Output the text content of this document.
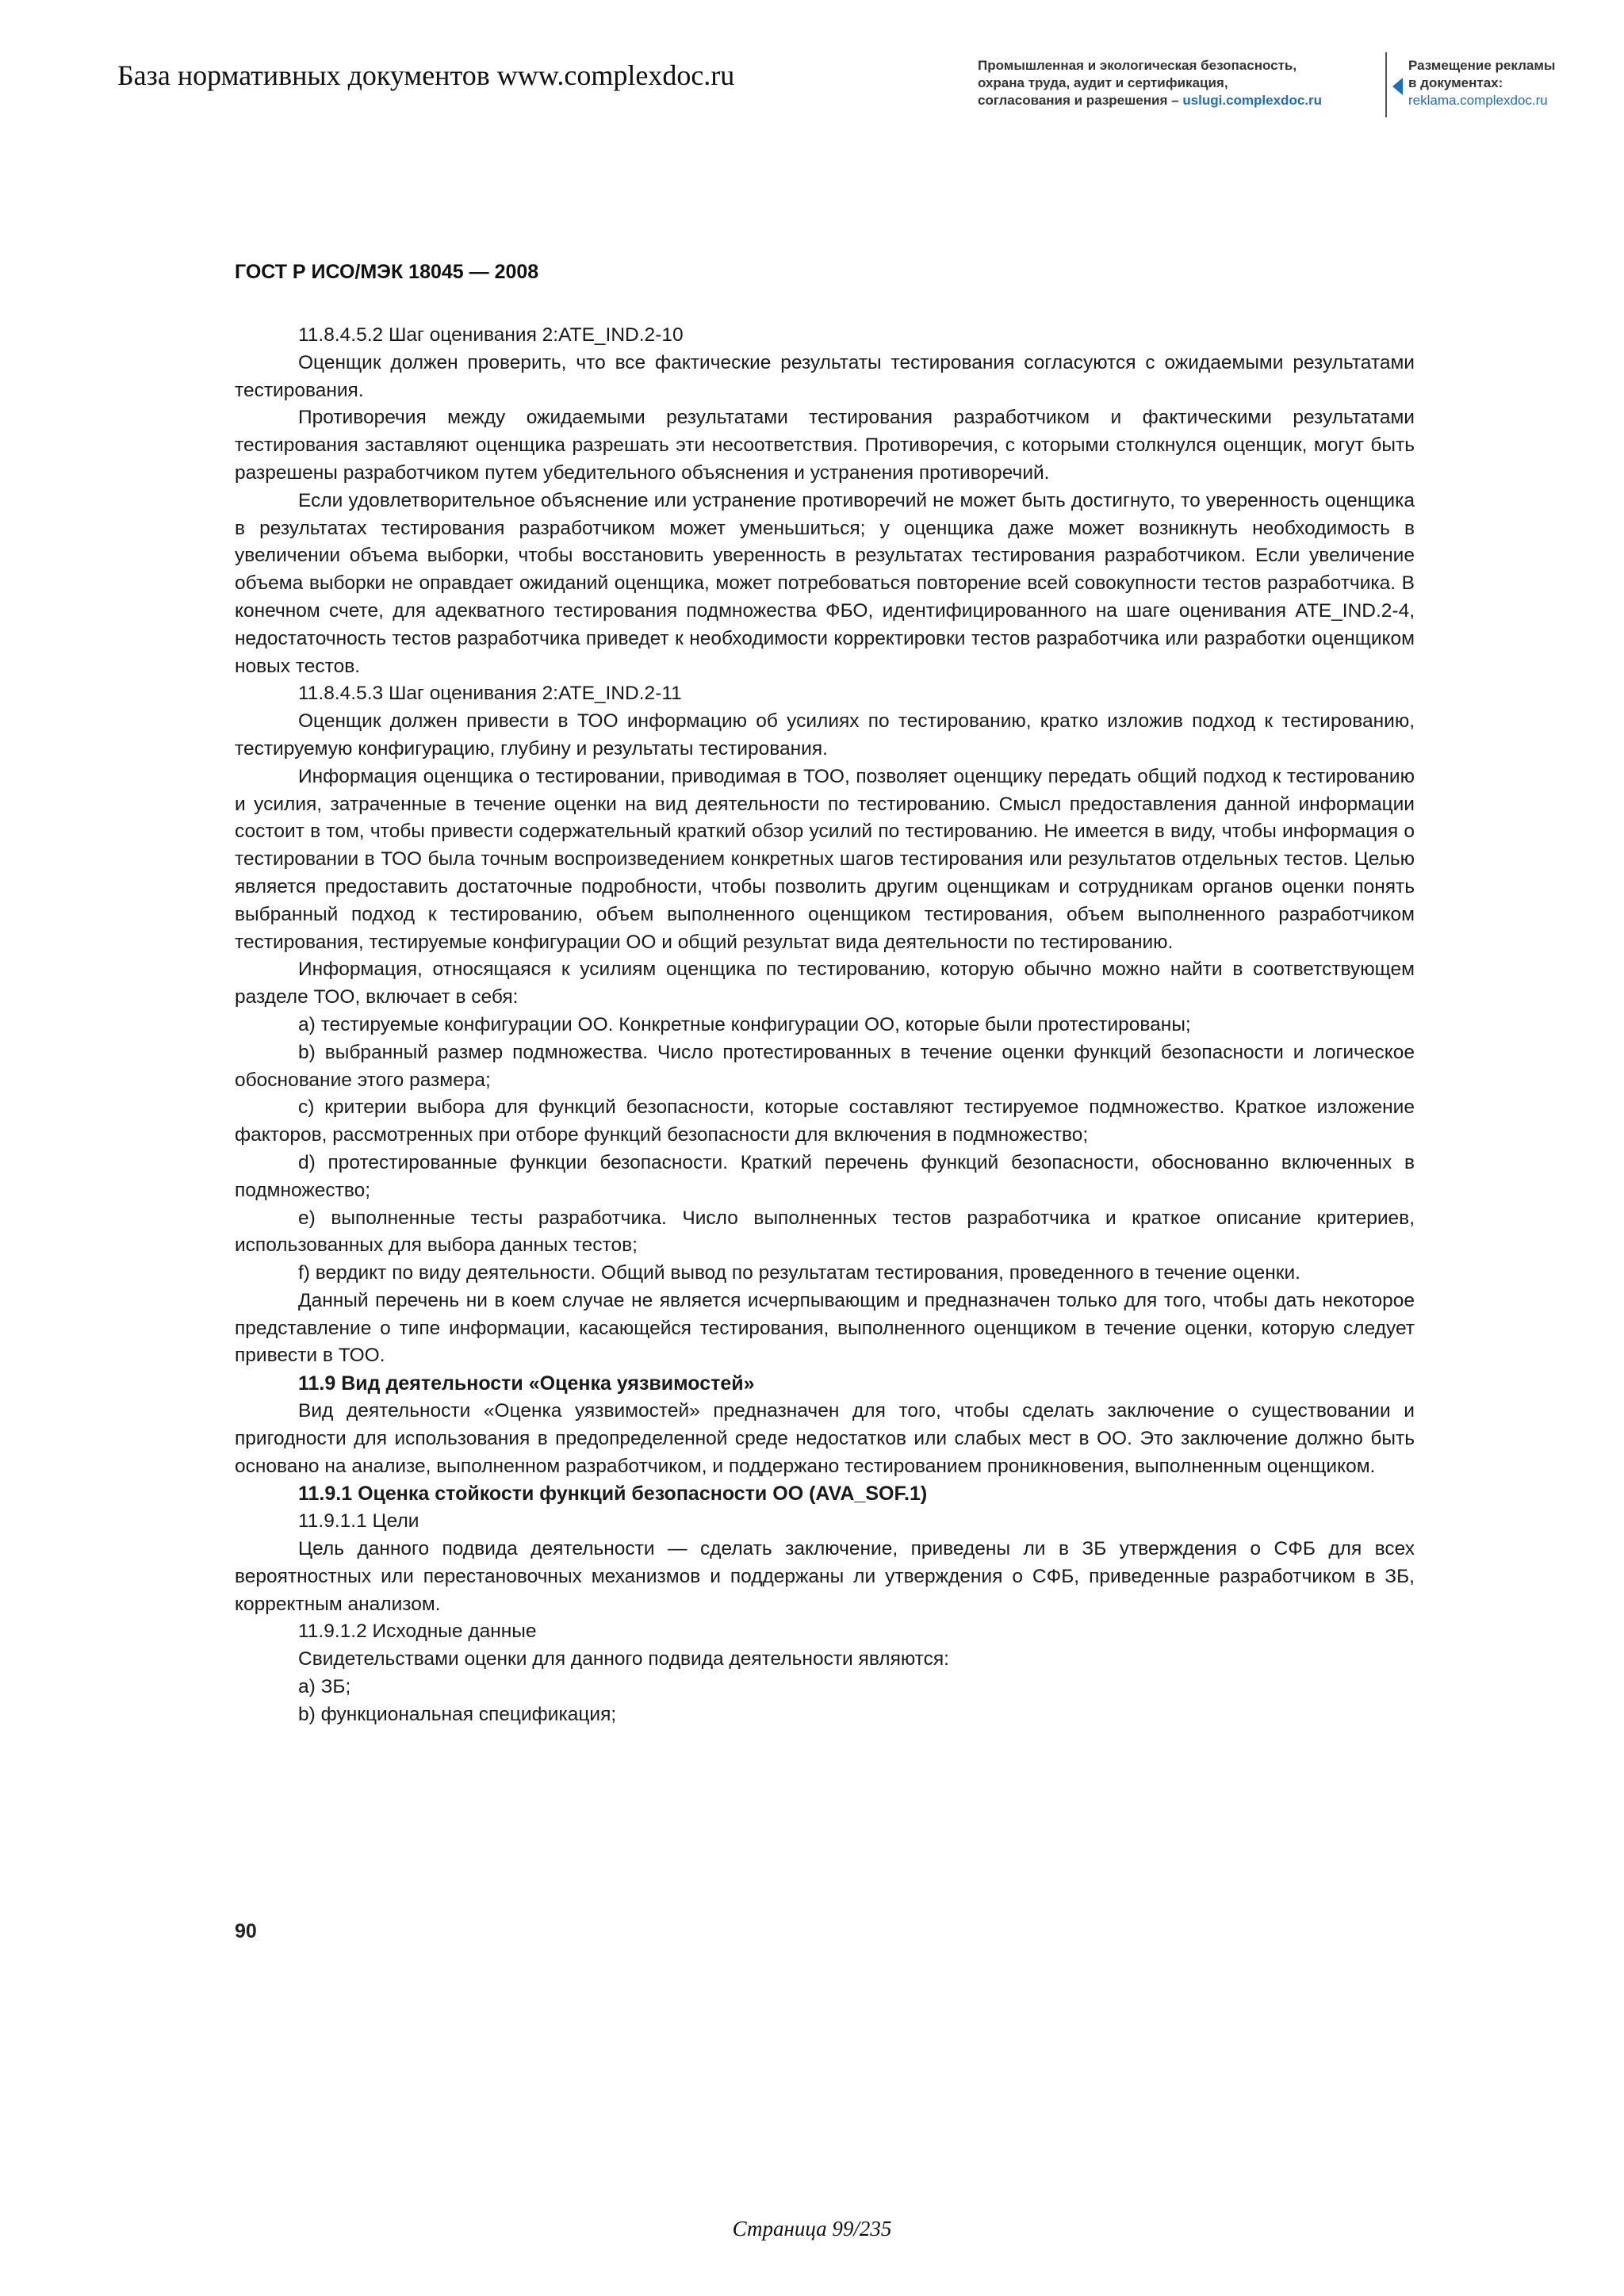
База нормативных документов www.complexdoc.ru	Промышленная и экологическая безопасность,
охрана труда, аудит и сертификация,
согласования и разрешения – uslugi.complexdoc.ru
Размещение рекламы
в документах:
reklama.complexdoc.ru
ГОСТ Р ИСО/МЭК 18045 — 2008

11.8.4.5.2 Шаг оценивания 2:ATE_IND.2-10

Оценщик должен проверить, что все фактические результаты тестирования согласуются с ожидаемыми результатами тестирования.

Противоречия между ожидаемыми результатами тестирования разработчиком и фактическими результатами тестирования заставляют оценщика разрешать эти несоответствия. Противоречия, с которыми столкнулся оценщик, могут быть разрешены разработчиком путем убедительного объяснения и устранения противоречий.

Если удовлетворительное объяснение или устранение противоречий не может быть достигнуто, то уверенность оценщика в результатах тестирования разработчиком может уменьшиться; у оценщика даже может возникнуть необходимость в увеличении объема выборки, чтобы восстановить уверенность в результатах тестирования разработчиком. Если увеличение объема выборки не оправдает ожиданий оценщика, может потребоваться повторение всей совокупности тестов разработчика. В конечном счете, для адекватного тестирования подмножества ФБО, идентифицированного на шаге оценивания ATE_IND.2-4, недостаточность тестов разработчика приведет к необходимости корректировки тестов разработчика или разработки оценщиком новых тестов.

11.8.4.5.3 Шаг оценивания 2:ATE_IND.2-11

Оценщик должен привести в ТОО информацию об усилиях по тестированию, кратко изложив подход к тестированию, тестируемую конфигурацию, глубину и результаты тестирования.

Информация оценщика о тестировании, приводимая в ТОО, позволяет оценщику передать общий подход к тестированию и усилия, затраченные в течение оценки на вид деятельности по тестированию. Смысл предоставления данной информации состоит в том, чтобы привести содержательный краткий обзор усилий по тестированию. Не имеется в виду, чтобы информация о тестировании в ТОО была точным воспроизведением конкретных шагов тестирования или результатов отдельных тестов. Целью является предоставить достаточные подробности, чтобы позволить другим оценщикам и сотрудникам органов оценки понять выбранный подход к тестированию, объем выполненного оценщиком тестирования, объем выполненного разработчиком тестирования, тестируемые конфигурации ОО и общий результат вида деятельности по тестированию.

Информация, относящаяся к усилиям оценщика по тестированию, которую обычно можно найти в соответствующем разделе ТОО, включает в себя:

a) тестируемые конфигурации ОО. Конкретные конфигурации ОО, которые были протестированы;

b) выбранный размер подмножества. Число протестированных в течение оценки функций безопасности и логическое обоснование этого размера;

c) критерии выбора для функций безопасности, которые составляют тестируемое подмножество. Краткое изложение факторов, рассмотренных при отборе функций безопасности для включения в подмножество;

d) протестированные функции безопасности. Краткий перечень функций безопасности, обоснованно включенных в подмножество;

e) выполненные тесты разработчика. Число выполненных тестов разработчика и краткое описание критериев, использованных для выбора данных тестов;

f) вердикт по виду деятельности. Общий вывод по результатам тестирования, проведенного в течение оценки.

Данный перечень ни в коем случае не является исчерпывающим и предназначен только для того, чтобы дать некоторое представление о типе информации, касающейся тестирования, выполненного оценщиком в течение оценки, которую следует привести в ТОО.

11.9 Вид деятельности «Оценка уязвимостей»

Вид деятельности «Оценка уязвимостей» предназначен для того, чтобы сделать заключение о существовании и пригодности для использования в предопределенной среде недостатков или слабых мест в ОО. Это заключение должно быть основано на анализе, выполненном разработчиком, и поддержано тестированием проникновения, выполненным оценщиком.

11.9.1 Оценка стойкости функций безопасности ОО (AVA_SOF.1)

11.9.1.1 Цели

Цель данного подвида деятельности — сделать заключение, приведены ли в ЗБ утверждения о СФБ для всех вероятностных или перестановочных механизмов и поддержаны ли утверждения о СФБ, приведенные разработчиком в ЗБ, корректным анализом.

11.9.1.2 Исходные данные

Свидетельствами оценки для данного подвида деятельности являются:

a) ЗБ;

b) функциональная спецификация;

90
Страница 99/235
